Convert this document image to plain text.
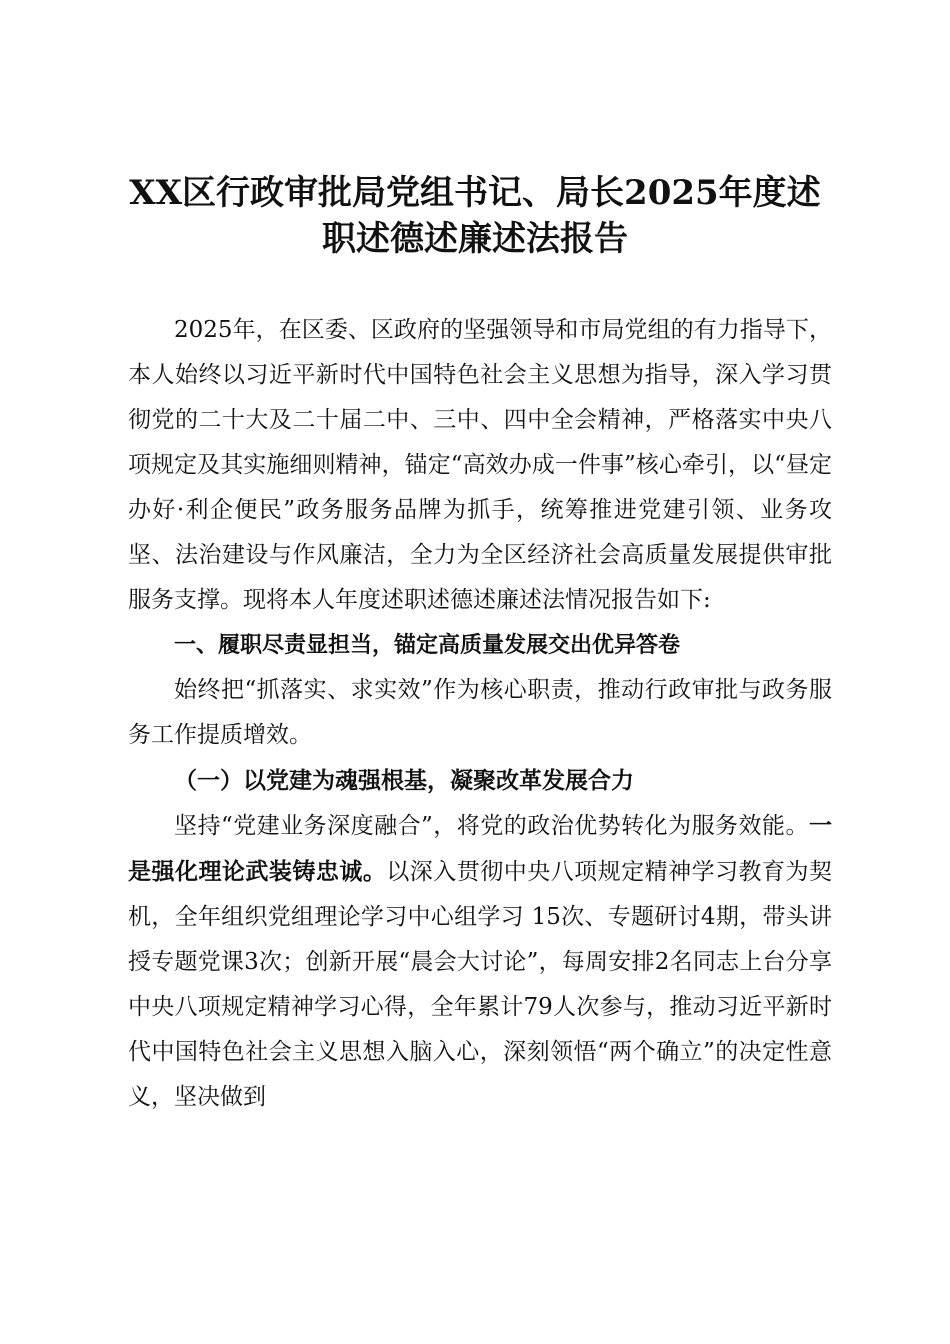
XX区行政审批局党组书记、局长2025年度述
职述德述廉述法报告

2025年，在区委、区政府的坚强领导和市局党组的有力指导下，本人始终以习近平新时代中国特色社会主义思想为指导，深入学习贯彻党的二十大及二十届二中、三中、四中全会精神，严格落实中央八项规定及其实施细则精神，锚定“高效办成一件事”核心牵引，以“昼定办好·利企便民”政务服务品牌为抓手，统筹推进党建引领、业务攻坚、法治建设与作风廉洁，全力为全区经济社会高质量发展提供审批服务支撑。现将本人年度述职述德述廉述法情况报告如下:

一、履职尽责显担当，锚定高质量发展交出优异答卷

始终把“抓落实、求实效”作为核心职责，推动行政审批与政务服务工作提质增效。

（一）以党建为魂强根基，凝聚改革发展合力

坚持“党建业务深度融合”，将党的政治优势转化为服务效能。一是强化理论武装铸忠诚。以深入贯彻中央八项规定精神学习教育为契机，全年组织党组理论学习中心组学习 15次、专题研讨4期，带头讲授专题党课3次；创新开展“晨会大讨论”，每周安排2名同志上台分享中央八项规定精神学习心得，全年累计79人次参与，推动习近平新时代中国特色社会主义思想入脑入心，深刻领悟“两个确立”的决定性意义，坚决做到
